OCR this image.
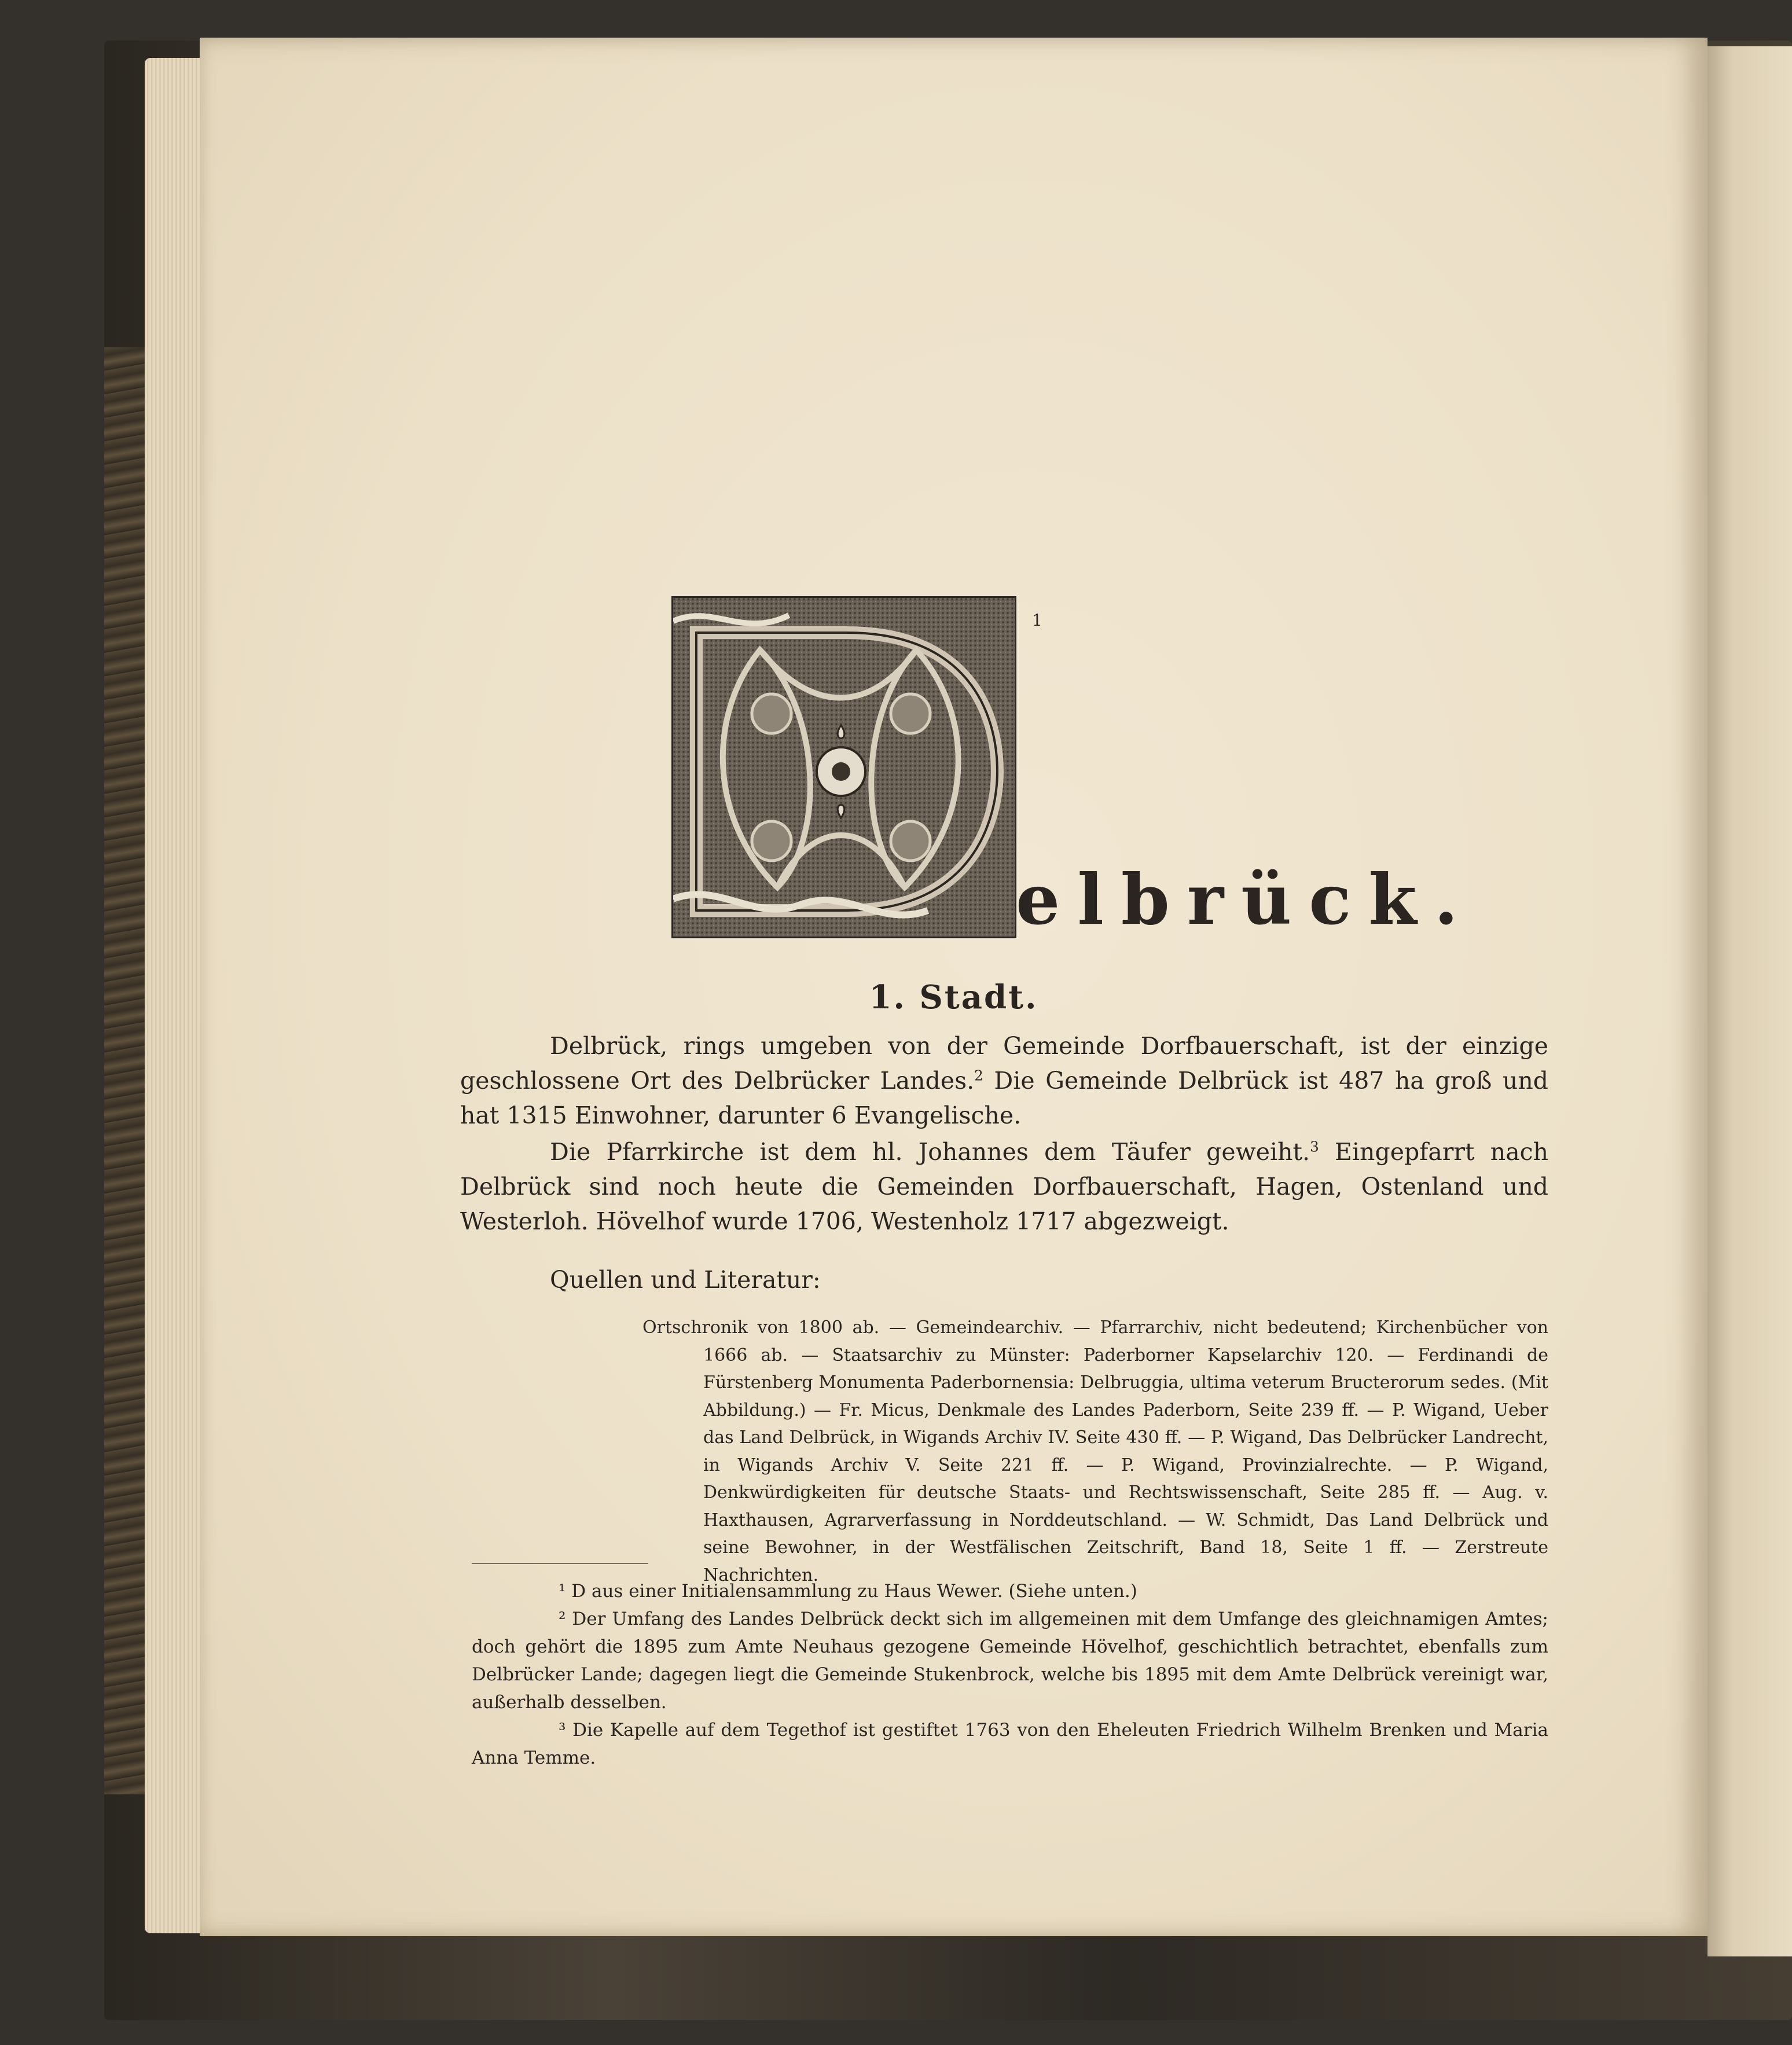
1
elbrück.
1. Stadt.

Delbrück, rings umgeben von der Gemeinde Dorfbauerschaft, ist der einzige geschlossene Ort des Delbrücker Landes.$^2$ Die Gemeinde Delbrück ist 487 ha groß und hat 1315 Einwohner, darunter 6 Evangelische.

Die Pfarrkirche ist dem hl. Johannes dem Täufer geweiht.$^3$ Eingepfarrt nach Delbrück sind noch heute die Gemeinden Dorfbauerschaft, Hagen, Ostenland und Westerloh. Hövelhof wurde 1706, Westenholz 1717 abgezweigt.

Quellen und Literatur:
Ortschronik von 1800 ab. — Gemeindearchiv. — Pfarrarchiv, nicht bedeutend; Kirchenbücher von 1666 ab. — Staatsarchiv zu Münster: Paderborner Kapselarchiv 120. — Ferdinandi de Fürstenberg Monumenta Paderbornensia: Delbruggia, ultima veterum Bructerorum sedes. (Mit Abbildung.) — Fr. Micus, Denkmale des Landes Paderborn, Seite 239 ff. — P. Wigand, Ueber das Land Delbrück, in Wigands Archiv IV. Seite 430 ff. — P. Wigand, Das Delbrücker Landrecht, in Wigands Archiv V. Seite 221 ff. — P. Wigand, Provinzialrechte. — P. Wigand, Denkwürdigkeiten für deutsche Staats- und Rechtswissenschaft, Seite 285 ff. — Aug. v. Haxthausen, Agrarverfassung in Norddeutschland. — W. Schmidt, Das Land Delbrück und seine Bewohner, in der Westfälischen Zeitschrift, Band 18, Seite 1 ff. — Zerstreute Nachrichten.

¹ D aus einer Initialensammlung zu Haus Wewer. (Siehe unten.)

² Der Umfang des Landes Delbrück deckt sich im allgemeinen mit dem Umfange des gleichnamigen Amtes; doch gehört die 1895 zum Amte Neuhaus gezogene Gemeinde Hövelhof, geschichtlich betrachtet, ebenfalls zum Delbrücker Lande; dagegen liegt die Gemeinde Stukenbrock, welche bis 1895 mit dem Amte Delbrück vereinigt war, außerhalb desselben.

³ Die Kapelle auf dem Tegethof ist gestiftet 1763 von den Eheleuten Friedrich Wilhelm Brenken und Maria Anna Temme.
